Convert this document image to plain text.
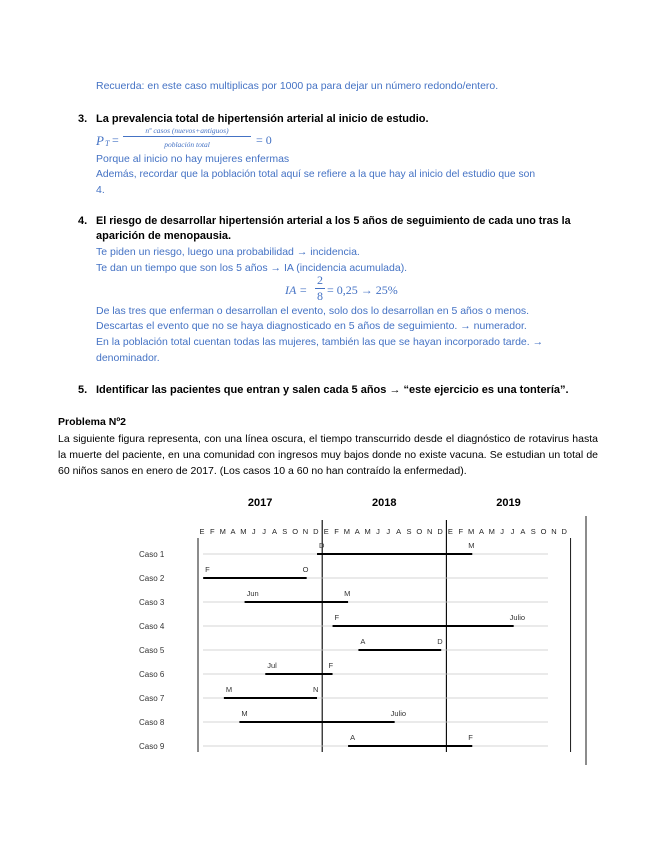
Recuerda: en este caso multiplicas por 1000 pa para dejar un número redondo/entero.
3. La prevalencia total de hipertensión arterial al inicio de estudio.
P T =
nº casos (nuevos+antiguos)
población total	= 0
Porque al inicio no hay mujeres enfermas
Además, recordar que la población total aquí se refiere a la que hay al inicio del estudio que son
4.
4. El riesgo de desarrollar hipertensión arterial a los 5 años de seguimiento de cada uno tras la
aparición de menopausia.
Te piden un riesgo, luego una probabilidad → incidencia.
Te dan un tiempo que son los 5 años → IA (incidencia acumulada).
IA =
2
8 = 0,25 → 25%
De las tres que enferman o desarrollan el evento, solo dos lo desarrollan en 5 años o menos.
Descartas el evento que no se haya diagnosticado en 5 años de seguimiento. → numerador.
En la población total cuentan todas las mujeres, también las que se hayan incorporado tarde. →
denominador.
5. Identificar las pacientes que entran y salen cada 5 años → “este ejercicio es una tontería”.
Problema Nº2
La siguiente figura representa, con una línea oscura, el tiempo transcurrido desde el diagnóstico de rotavirus hasta la muerte del paciente, en una comunidad con ingresos muy bajos donde no existe vacuna. Se estudian un total de 60 niños sanos en enero de 2017. (Los casos 10 a 60 no han contraído la enfermedad).
2017	2018	2019
E F M A M J J A S O N D E F M A M J J A S O N D E F M A M J J A S O N D
Caso 1
D	M
Caso 2
F	O
Caso 3
Jun	M
Caso 4
F	Julio
Caso 5
A	D
Caso 6
Jul	F
Caso 7
M	N
Caso 8
M	Julio
Caso 9
A	F
